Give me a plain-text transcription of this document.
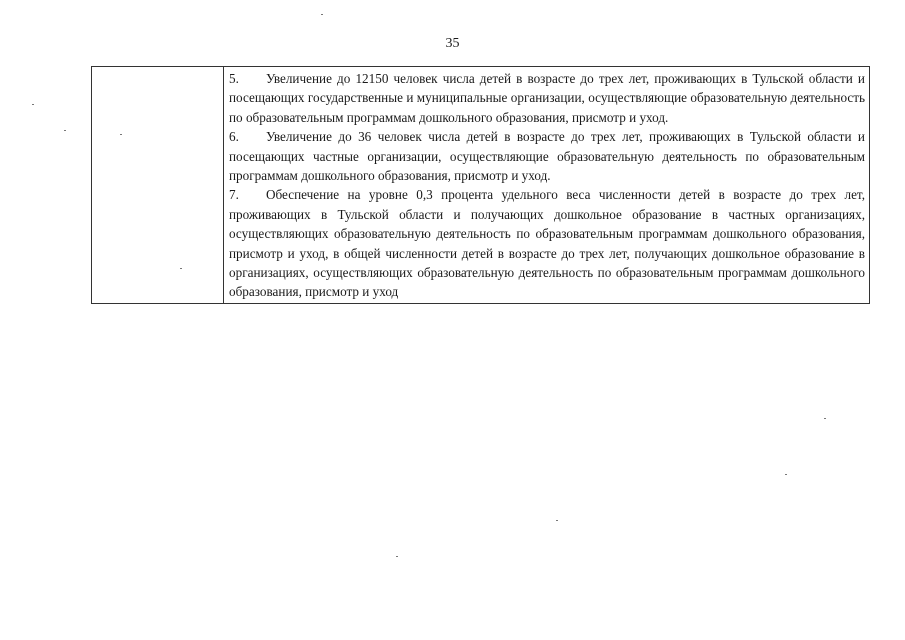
35

5. Увеличение до 12150 человек числа детей в возрасте до трех лет, проживающих в Тульской области и посещающих государственные и муниципальные организации, осуществляющие образовательную деятельность по образовательным программам дошкольного образования, присмотр и уход.

6. Увеличение до 36 человек числа детей в возрасте до трех лет, проживающих в Тульской области и посещающих частные организации, осуществляющие образовательную деятельность по образовательным программам дошкольного образования, присмотр и уход.

7. Обеспечение на уровне 0,3 процента удельного веса численности детей в возрасте до трех лет, проживающих в Тульской области и получающих дошкольное образование в частных организациях, осуществляющих образовательную деятельность по образовательным программам дошкольного образования, присмотр и уход, в общей численности детей в возрасте до трех лет, получающих дошкольное образование в организациях, осуществляющих образовательную деятельность по образовательным программам дошкольного образования, присмотр и уход
